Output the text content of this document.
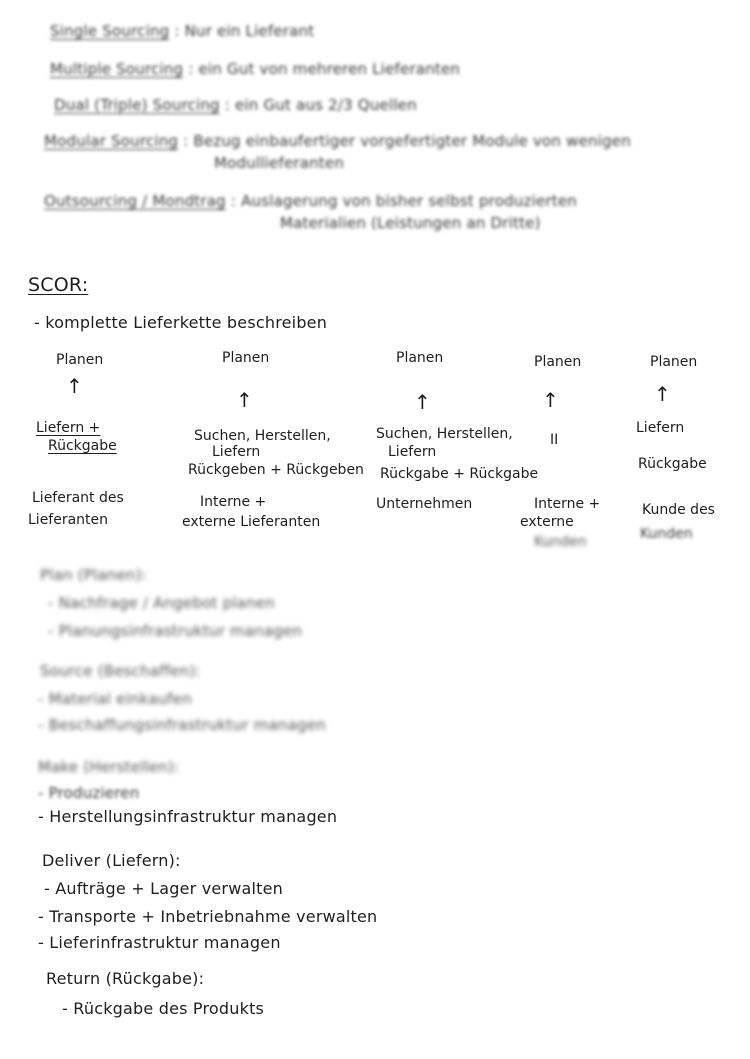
Single Sourcing : Nur ein Lieferant
Multiple Sourcing : ein Gut von mehreren Lieferanten
Dual (Triple) Sourcing : ein Gut aus 2/3 Quellen
Modular Sourcing : Bezug einbaufertiger vorgefertigter Module von wenigen
Modullieferanten
Outsourcing / Mondtrag : Auslagerung von bisher selbst produzierten
Materialien (Leistungen an Dritte)
SCOR:
- komplette Lieferkette beschreiben
Planen
↑
Liefern +
Rückgabe
Lieferant des
Lieferanten
Planen
↑
Suchen, Herstellen,
Liefern
Rückgeben + Rückgeben
Interne +
externe Lieferanten
Planen
↑
Suchen, Herstellen,
Liefern
Rückgabe + Rückgabe
Unternehmen
Planen
↑
II
Interne +
externe
Kunden
Planen
↑
Liefern
Rückgabe
Kunde des
Kunden
Plan (Planen):
- Nachfrage / Angebot planen
- Planungsinfrastruktur managen
Source (Beschaffen):
- Material einkaufen
- Beschaffungsinfrastruktur managen
Make (Herstellen):
- Produzieren
- Herstellungsinfrastruktur managen
Deliver (Liefern):
- Aufträge + Lager verwalten
- Transporte + Inbetriebnahme verwalten
- Lieferinfrastruktur managen
Return (Rückgabe):
- Rückgabe des Produkts
